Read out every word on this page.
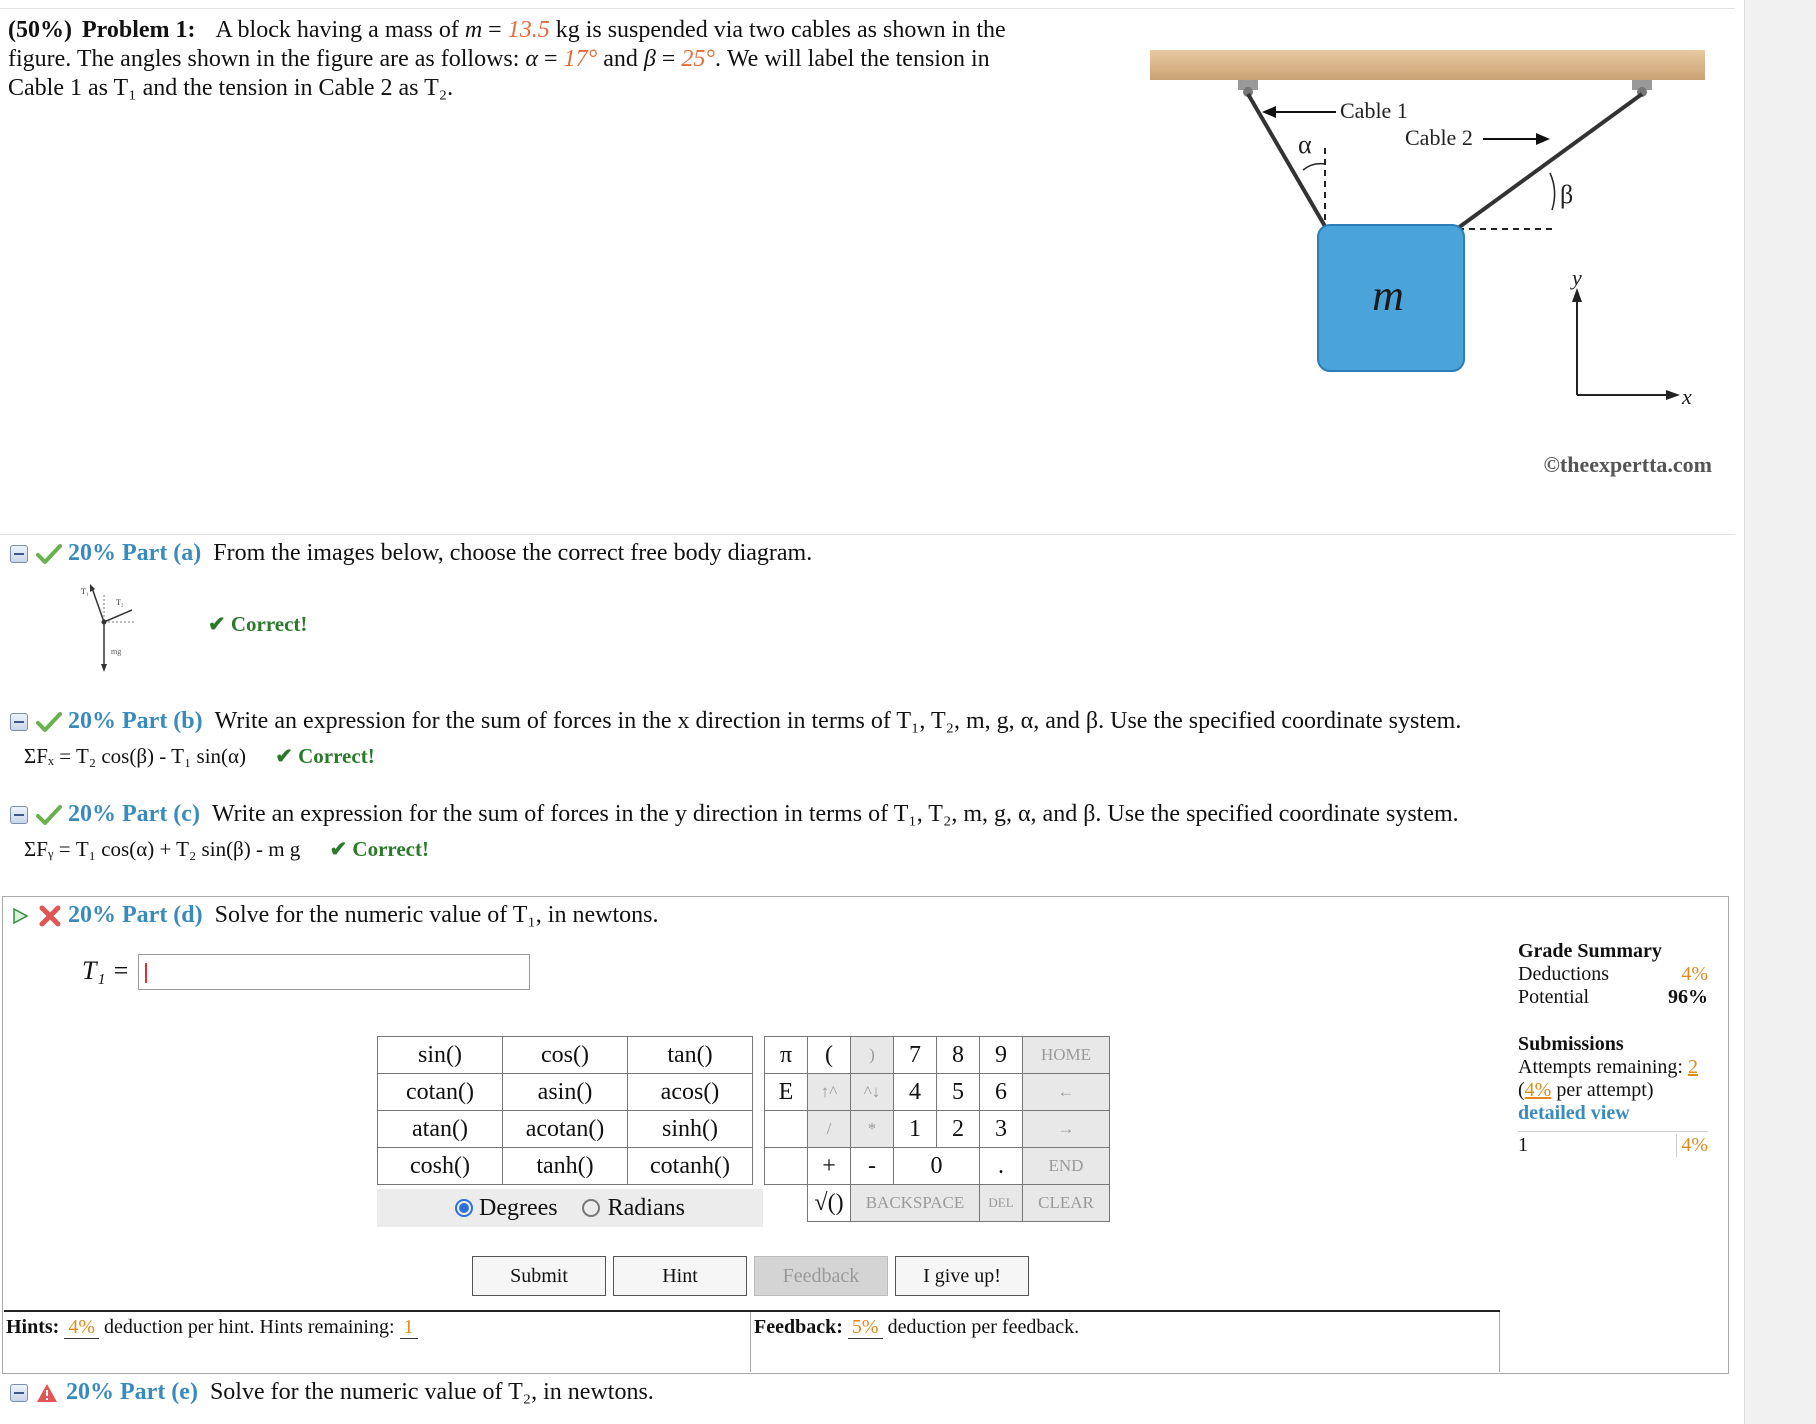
(50%) Problem 1: A block having a mass of m = 13.5 kg is suspended via two cables as shown in the
figure. The angles shown in the figure are as follows: α = 17° and β = 25°. We will label the tension in
Cable 1 as T₁ and the tension in Cable 2 as T₂.
m
Cable 1
Cable 2
α
β
y
x
©theexpertta.com
20% Part (a) From the images below, choose the correct free body diagram.
T₁
T₂
mg
✔ Correct!
20% Part (b) Write an expression for the sum of forces in the x direction in terms of T₁, T₂, m, g, α, and β. Use the specified coordinate system.
ΣFₓ = T₂ cos(β) - T₁ sin(α) ✔ Correct!
20% Part (c) Write an expression for the sum of forces in the y direction in terms of T₁, T₂, m, g, α, and β. Use the specified coordinate system.
ΣFᵧ = T₁ cos(α) + T₂ sin(β) - m g ✔ Correct!
20% Part (d) Solve for the numeric value of T₁, in newtons.
T₁ =
sin()	cos()	tan()
cotan()	asin()	acos()
atan()	acotan()	sinh()
cosh()	tanh()	cotanh()
Degrees Radians
π	(	)	7	8	9	HOME
E	↑^	^↓	4	5	6	←
	/	*	1	2	3	→
	+	-	0		.	END
	√()	BACKSPACE			DEL	CLEAR
Submit	Hint	Feedback	I give up!
Hints: 4% deduction per hint. Hints remaining: 1	Feedback: 5% deduction per feedback.
Grade Summary
Deductions	4%
Potential	96%
Submissions
Attempts remaining: 2
(4% per attempt)
detailed view
1	4%
20% Part (e) Solve for the numeric value of T₂, in newtons.
